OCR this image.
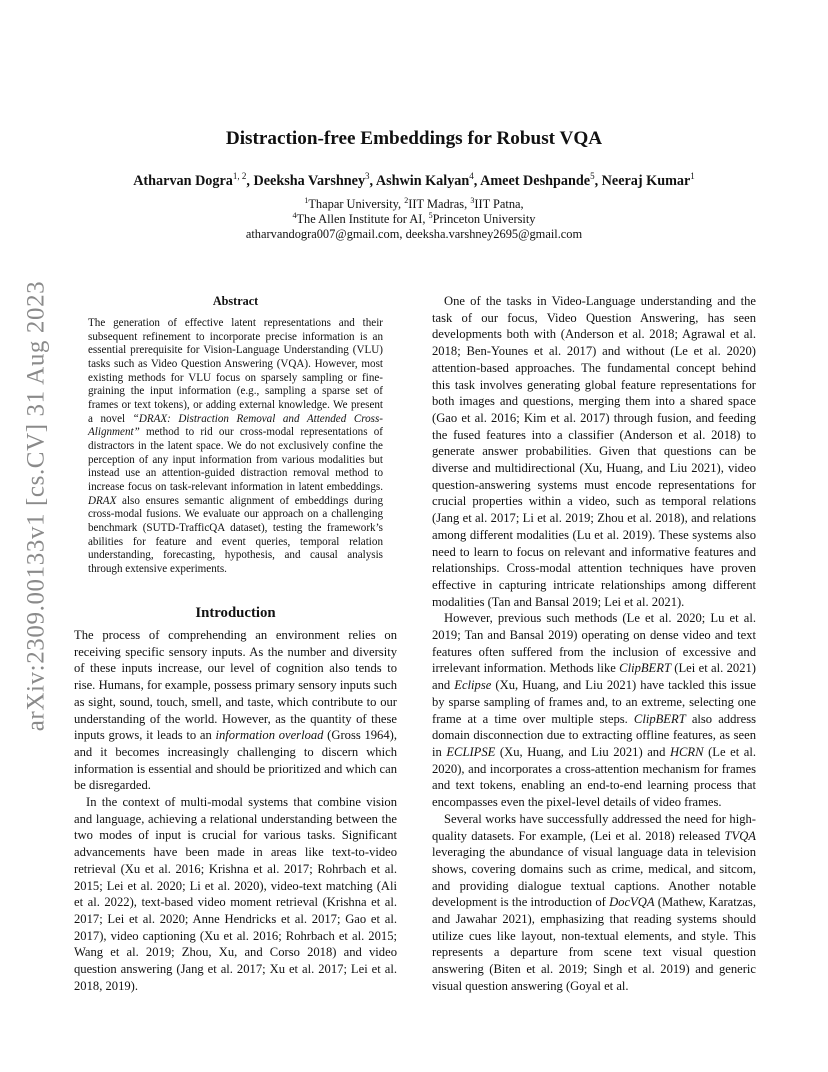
arXiv:2309.00133v1 [cs.CV] 31 Aug 2023
Distraction-free Embeddings for Robust VQA
Atharvan Dogra$^{1, 2}$, Deeksha Varshney$^3$, Ashwin Kalyan$^4$, Ameet Deshpande$^5$, Neeraj Kumar$^1$
$^1$Thapar University, $^2$IIT Madras, $^3$IIT Patna,
$^4$The Allen Institute for AI, $^5$Princeton University
atharvandogra007@gmail.com, deeksha.varshney2695@gmail.com
Abstract

The generation of effective latent representations and their subsequent refinement to incorporate precise information is an essential prerequisite for Vision-Language Understanding (VLU) tasks such as Video Question Answering (VQA). However, most existing methods for VLU focus on sparsely sampling or fine-graining the input information (e.g., sampling a sparse set of frames or text tokens), or adding external knowledge. We present a novel “DRAX: Distraction Removal and Attended Cross-Alignment” method to rid our cross-modal representations of distractors in the latent space. We do not exclusively confine the perception of any input information from various modalities but instead use an attention-guided distraction removal method to increase focus on task-relevant information in latent embeddings. DRAX also ensures semantic alignment of embeddings during cross-modal fusions. We evaluate our approach on a challenging benchmark (SUTD-TrafficQA dataset), testing the framework’s abilities for feature and event queries, temporal relation understanding, forecasting, hypothesis, and causal analysis through extensive experiments.

Introduction

The process of comprehending an environment relies on receiving specific sensory inputs. As the number and diversity of these inputs increase, our level of cognition also tends to rise. Humans, for example, possess primary sensory inputs such as sight, sound, touch, smell, and taste, which contribute to our understanding of the world. However, as the quantity of these inputs grows, it leads to an information overload (Gross 1964), and it becomes increasingly challenging to discern which information is essential and should be prioritized and which can be disregarded.

In the context of multi-modal systems that combine vision and language, achieving a relational understanding between the two modes of input is crucial for various tasks. Significant advancements have been made in areas like text-to-video retrieval (Xu et al. 2016; Krishna et al. 2017; Rohrbach et al. 2015; Lei et al. 2020; Li et al. 2020), video-text matching (Ali et al. 2022), text-based video moment retrieval (Krishna et al. 2017; Lei et al. 2020; Anne Hendricks et al. 2017; Gao et al. 2017), video captioning (Xu et al. 2016; Rohrbach et al. 2015; Wang et al. 2019; Zhou, Xu, and Corso 2018) and video question answering (Jang et al. 2017; Xu et al. 2017; Lei et al. 2018, 2019).

One of the tasks in Video-Language understanding and the task of our focus, Video Question Answering, has seen developments both with (Anderson et al. 2018; Agrawal et al. 2018; Ben-Younes et al. 2017) and without (Le et al. 2020) attention-based approaches. The fundamental concept behind this task involves generating global feature representations for both images and questions, merging them into a shared space (Gao et al. 2016; Kim et al. 2017) through fusion, and feeding the fused features into a classifier (Anderson et al. 2018) to generate answer probabilities. Given that questions can be diverse and multidirectional (Xu, Huang, and Liu 2021), video question-answering systems must encode representations for crucial properties within a video, such as temporal relations (Jang et al. 2017; Li et al. 2019; Zhou et al. 2018), and relations among different modalities (Lu et al. 2019). These systems also need to learn to focus on relevant and informative features and relationships. Cross-modal attention techniques have proven effective in capturing intricate relationships among different modalities (Tan and Bansal 2019; Lei et al. 2021).

However, previous such methods (Le et al. 2020; Lu et al. 2019; Tan and Bansal 2019) operating on dense video and text features often suffered from the inclusion of excessive and irrelevant information. Methods like ClipBERT (Lei et al. 2021) and Eclipse (Xu, Huang, and Liu 2021) have tackled this issue by sparse sampling of frames and, to an extreme, selecting one frame at a time over multiple steps. ClipBERT also address domain disconnection due to extracting offline features, as seen in ECLIPSE (Xu, Huang, and Liu 2021) and HCRN (Le et al. 2020), and incorporates a cross-attention mechanism for frames and text tokens, enabling an end-to-end learning process that encompasses even the pixel-level details of video frames.

Several works have successfully addressed the need for high-quality datasets. For example, (Lei et al. 2018) released TVQA leveraging the abundance of visual language data in television shows, covering domains such as crime, medical, and sitcom, and providing dialogue textual captions. Another notable development is the introduction of DocVQA (Mathew, Karatzas, and Jawahar 2021), emphasizing that reading systems should utilize cues like layout, non-textual elements, and style. This represents a departure from scene text visual question answering (Biten et al. 2019; Singh et al. 2019) and generic visual question answering (Goyal et al.
